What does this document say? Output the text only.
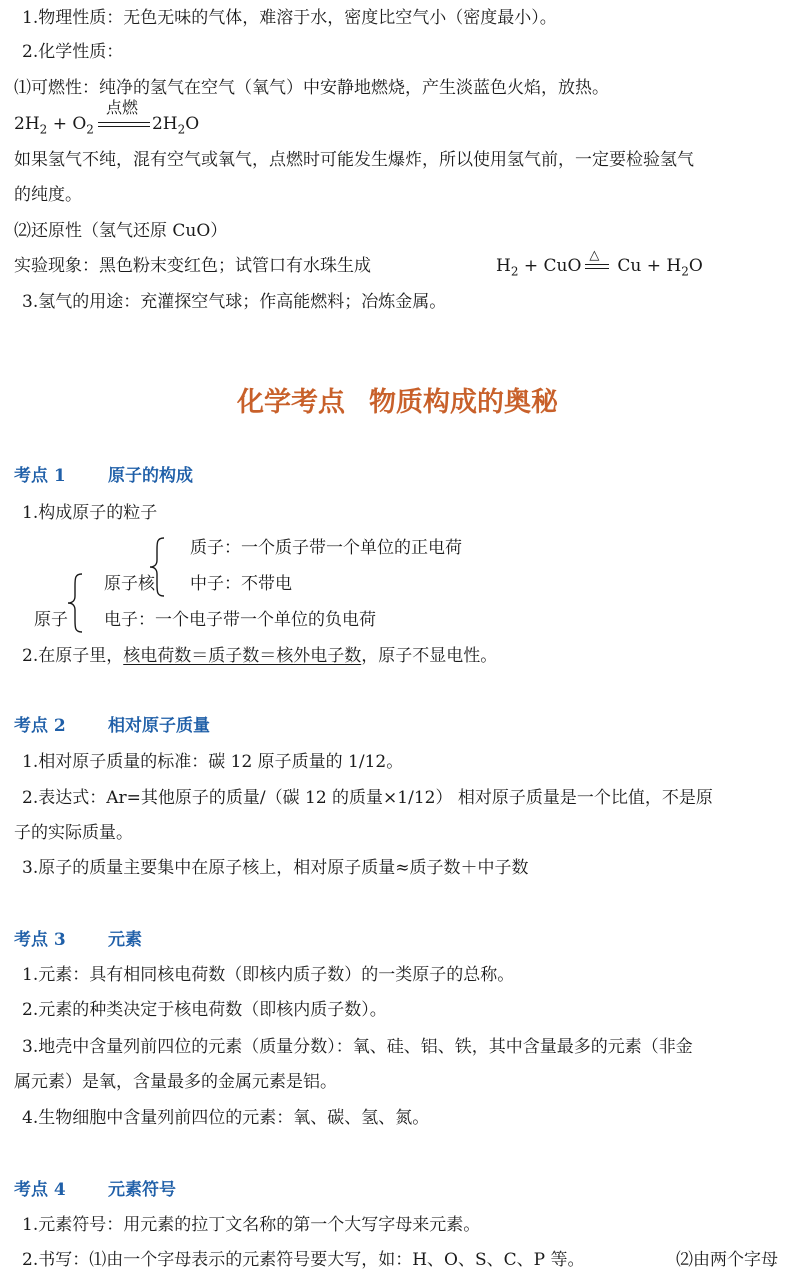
1.物理性质：无色无味的气体，难溶于水，密度比空气小（密度最小）。
2.化学性质：
⑴可燃性：纯净的氢气在空气（氧气）中安静地燃烧，产生淡蓝色火焰，放热。
$2H_2 + O_2$
点燃
$2H_2O$
如果氢气不纯，混有空气或氧气，点燃时可能发生爆炸，所以使用氢气前，一定要检验氢气
的纯度。
⑵还原性（氢气还原 CuO）
实验现象：黑色粉末变红色；试管口有水珠生成	$H_2$ + CuO
△
$Cu + H_2O$
3.氢气的用途：充灌探空气球；作高能燃料；冶炼金属。
化学考点 物质构成的奥秘
考点 1 原子的构成
1.构成原子的粒子
质子：一个质子带一个单位的正电荷
原子核 中子：不带电
原子 电子：一个电子带一个单位的负电荷
2.在原子里，核电荷数＝质子数＝核外电子数，原子不显电性。
考点 2 相对原子质量
1.相对原子质量的标准：碳 12 原子质量的 1/12。
2.表达式：Ar=其他原子的质量/（碳 12 的质量×1/12） 相对原子质量是一个比值，不是原
子的实际质量。
3.原子的质量主要集中在原子核上，相对原子质量≈质子数＋中子数
考点 3 元素
1.元素：具有相同核电荷数（即核内质子数）的一类原子的总称。
2.元素的种类决定于核电荷数（即核内质子数）。
3.地壳中含量列前四位的元素（质量分数）：氧、硅、铝、铁，其中含量最多的元素（非金
属元素）是氧，含量最多的金属元素是铝。
4.生物细胞中含量列前四位的元素：氧、碳、氢、氮。
考点 4 元素符号
1.元素符号：用元素的拉丁文名称的第一个大写字母来元素。
2.书写：⑴由一个字母表示的元素符号要大写，如：H、O、S、C、P 等。	⑵由两个字母
